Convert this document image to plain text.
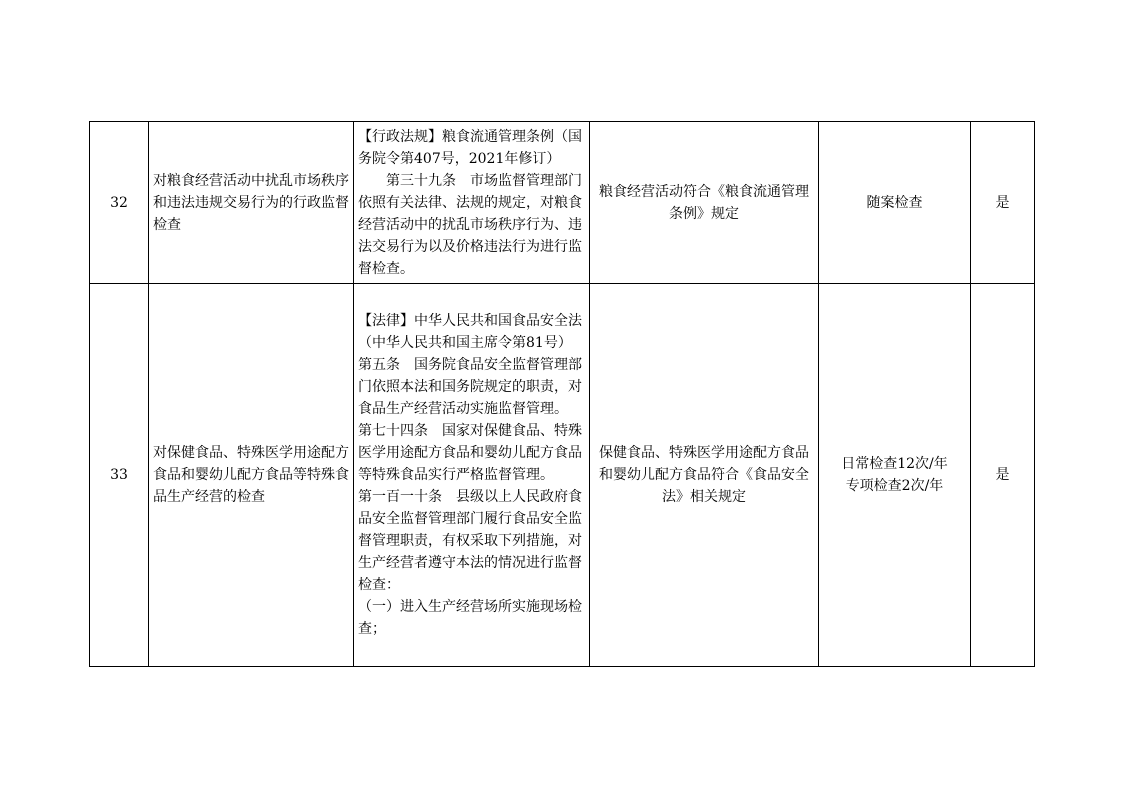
32	对粮食经营活动中扰乱市场秩序和违法违规交易行为的行政监督检查	【行政法规】粮食流通管理条例（国务院令第407号，2021年修订）
第三十九条　市场监督管理部门依照有关法律、法规的规定，对粮食经营活动中的扰乱市场秩序行为、违法交易行为以及价格违法行为进行监督检查。	粮食经营活动符合《粮食流通管理条例》规定	随案检查	是
33	对保健食品、特殊医学用途配方食品和婴幼儿配方食品等特殊食品生产经营的检查	【法律】中华人民共和国食品安全法（中华人民共和国主席令第81号）
第五条　国务院食品安全监督管理部门依照本法和国务院规定的职责，对食品生产经营活动实施监督管理。
第七十四条　国家对保健食品、特殊医学用途配方食品和婴幼儿配方食品等特殊食品实行严格监督管理。
第一百一十条　县级以上人民政府食品安全监督管理部门履行食品安全监督管理职责，有权采取下列措施，对生产经营者遵守本法的情况进行监督检查：
（一）进入生产经营场所实施现场检查；	保健食品、特殊医学用途配方食品和婴幼儿配方食品符合《食品安全法》相关规定	日常检查12次/年
专项检查2次/年	是
